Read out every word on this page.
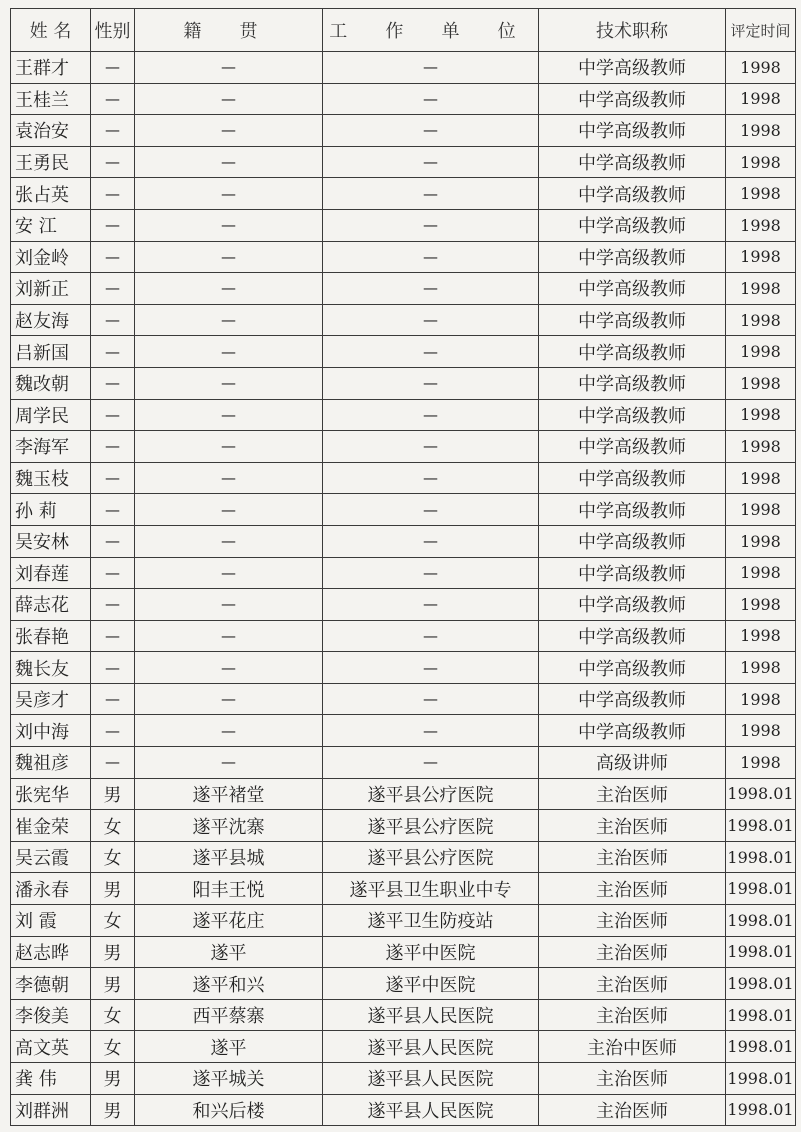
姓 名	性别	籍 贯	工 作 单 位	技术职称	评定时间
王群才	—	—	—	中学高级教师	1998
王桂兰	—	—	—	中学高级教师	1998
袁治安	—	—	—	中学高级教师	1998
王勇民	—	—	—	中学高级教师	1998
张占英	—	—	—	中学高级教师	1998
安 江	—	—	—	中学高级教师	1998
刘金岭	—	—	—	中学高级教师	1998
刘新正	—	—	—	中学高级教师	1998
赵友海	—	—	—	中学高级教师	1998
吕新国	—	—	—	中学高级教师	1998
魏改朝	—	—	—	中学高级教师	1998
周学民	—	—	—	中学高级教师	1998
李海军	—	—	—	中学高级教师	1998
魏玉枝	—	—	—	中学高级教师	1998
孙 莉	—	—	—	中学高级教师	1998
吴安林	—	—	—	中学高级教师	1998
刘春莲	—	—	—	中学高级教师	1998
薛志花	—	—	—	中学高级教师	1998
张春艳	—	—	—	中学高级教师	1998
魏长友	—	—	—	中学高级教师	1998
吴彦才	—	—	—	中学高级教师	1998
刘中海	—	—	—	中学高级教师	1998
魏祖彦	—	—	—	高级讲师	1998
张宪华	男	遂平褚堂	遂平县公疗医院	主治医师	1998.01
崔金荣	女	遂平沈寨	遂平县公疗医院	主治医师	1998.01
吴云霞	女	遂平县城	遂平县公疗医院	主治医师	1998.01
潘永春	男	阳丰王悦	遂平县卫生职业中专	主治医师	1998.01
刘 霞	女	遂平花庄	遂平卫生防疫站	主治医师	1998.01
赵志晔	男	遂平	遂平中医院	主治医师	1998.01
李德朝	男	遂平和兴	遂平中医院	主治医师	1998.01
李俊美	女	西平蔡寨	遂平县人民医院	主治医师	1998.01
高文英	女	遂平	遂平县人民医院	主治中医师	1998.01
龚 伟	男	遂平城关	遂平县人民医院	主治医师	1998.01
刘群洲	男	和兴后楼	遂平县人民医院	主治医师	1998.01
